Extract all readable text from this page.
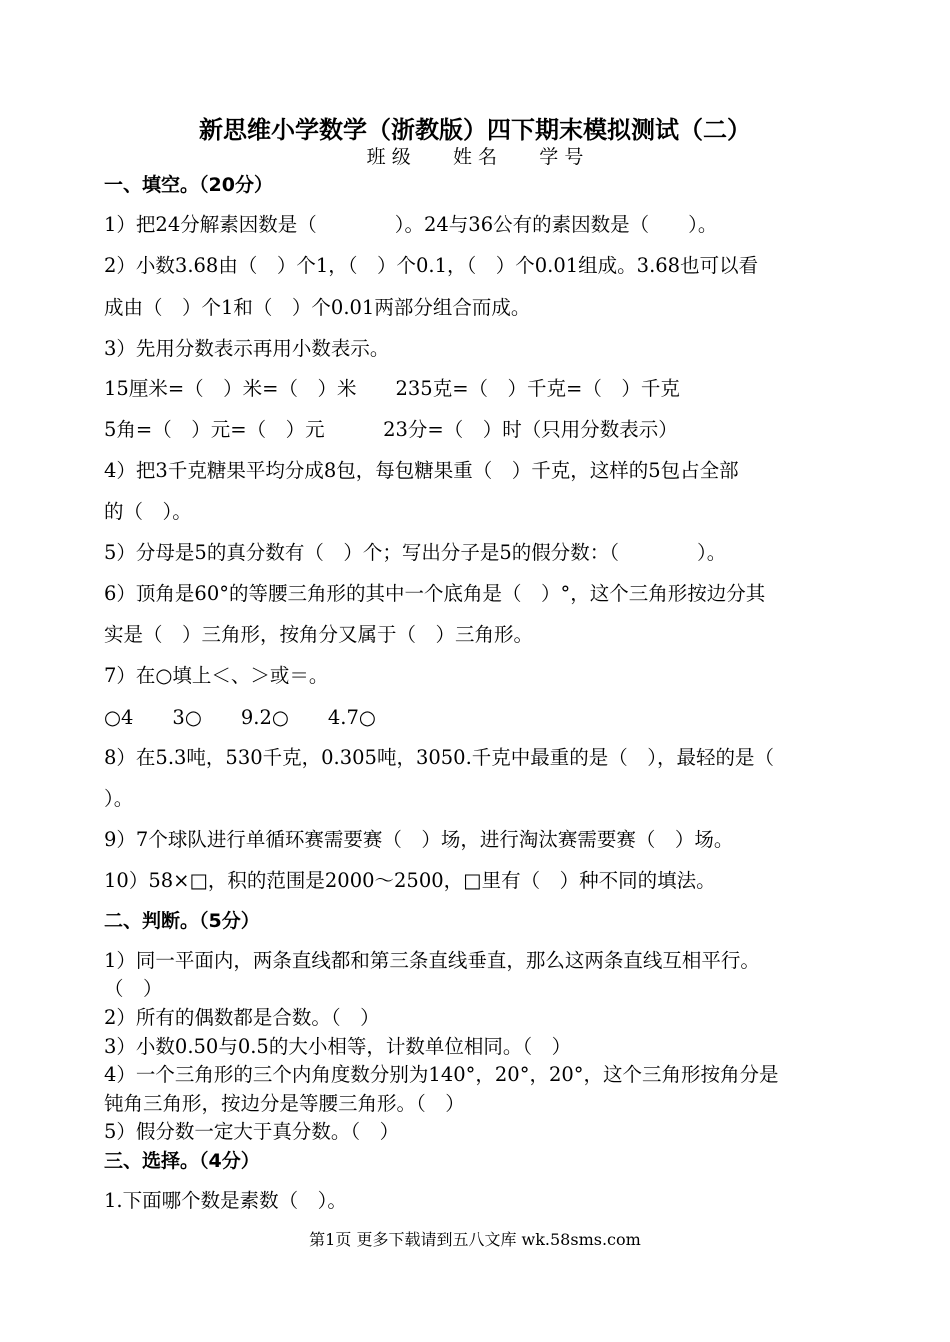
新思维小学数学（浙教版）四下期末模拟测试（二）
班 级       姓 名       学 号
一、填空。（20分）
1）把24分解素因数是（　　　　）。24与36公有的素因数是（　　）。
2）小数3.68由（　）个1，（　）个0.1，（　）个0.01组成。3.68也可以看
成由（　）个1和（　）个0.01两部分组合而成。
3）先用分数表示再用小数表示。
15厘米=（　）米=（　）米　　235克=（　）千克=（　）千克
5角=（　）元=（　）元　　　23分=（　）时（只用分数表示）
4）把3千克糖果平均分成8包，每包糖果重（　）千克，这样的5包占全部
的（　）。
5）分母是5的真分数有（　）个；写出分子是5的假分数：（　　　　）。
6）顶角是60°的等腰三角形的其中一个底角是（　）°，这个三角形按边分其
实是（　）三角形，按角分又属于（　）三角形。
7）在○填上＜、＞或＝。
○4　　3○　　9.2○　　4.7○
8）在5.3吨，530千克，0.305吨，3050.千克中最重的是（　），最轻的是（
）。
9）7个球队进行单循环赛需要赛（　）场，进行淘汰赛需要赛（　）场。
10）58×□，积的范围是2000～2500，□里有（　）种不同的填法。
二、判断。（5分）
1）同一平面内，两条直线都和第三条直线垂直，那么这两条直线互相平行。
（　）
2）所有的偶数都是合数。（　）
3）小数0.50与0.5的大小相等，计数单位相同。（　）
4）一个三角形的三个内角度数分别为140°，20°，20°，这个三角形按角分是
钝角三角形，按边分是等腰三角形。（　）
5）假分数一定大于真分数。（　）
三、选择。（4分）
1.下面哪个数是素数（　）。
第1页 更多下载请到五八文库 wk.58sms.com
